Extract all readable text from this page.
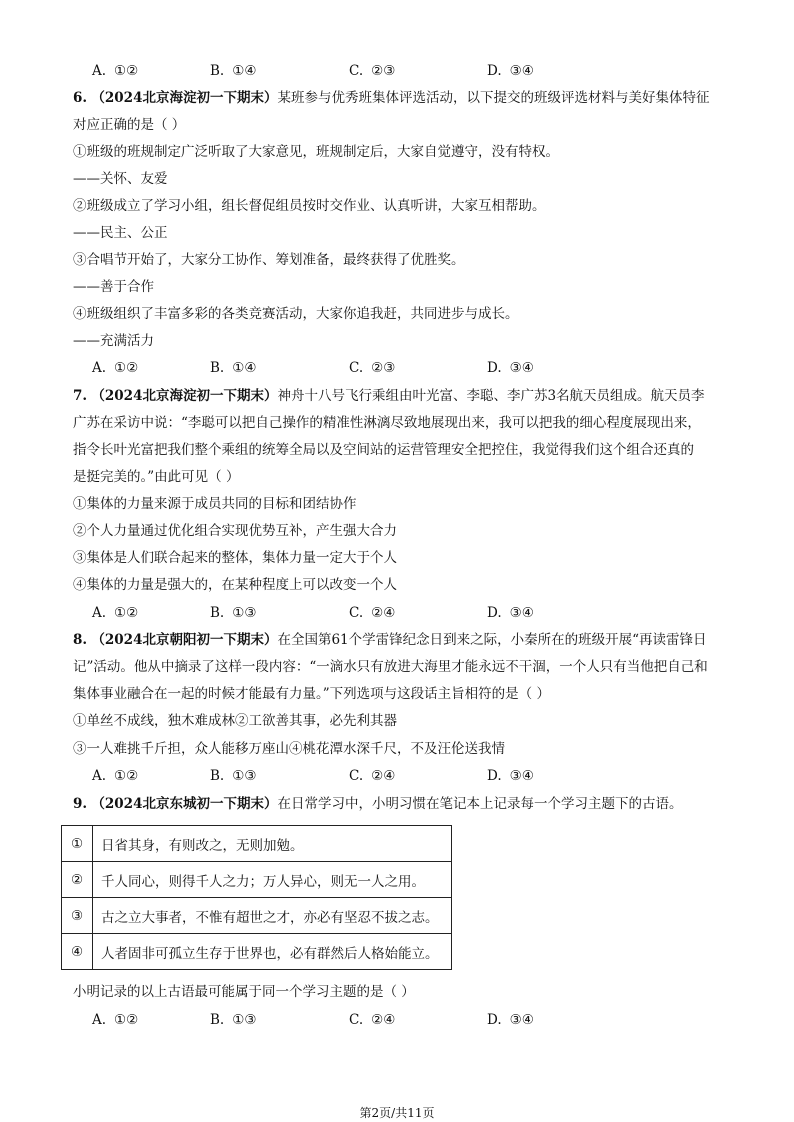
A. ①②	B. ①④	C. ②③	D. ③④
6. （2024北京海淀初一下期末）某班参与优秀班集体评选活动，以下提交的班级评选材料与美好集体特征
对应正确的是（ ）
①班级的班规制定广泛听取了大家意见，班规制定后，大家自觉遵守，没有特权。
——关怀、友爱
②班级成立了学习小组，组长督促组员按时交作业、认真听讲，大家互相帮助。
——民主、公正
③合唱节开始了，大家分工协作、筹划准备，最终获得了优胜奖。
——善于合作
④班级组织了丰富多彩的各类竞赛活动，大家你追我赶，共同进步与成长。
——充满活力
A. ①②	B. ①④	C. ②③	D. ③④
7. （2024北京海淀初一下期末）神舟十八号飞行乘组由叶光富、李聪、李广苏3名航天员组成。航天员李
广苏在采访中说：“李聪可以把自己操作的精准性淋漓尽致地展现出来，我可以把我的细心程度展现出来，
指令长叶光富把我们整个乘组的统筹全局以及空间站的运营管理安全把控住，我觉得我们这个组合还真的
是挺完美的。”由此可见（ ）
①集体的力量来源于成员共同的目标和团结协作
②个人力量通过优化组合实现优势互补，产生强大合力
③集体是人们联合起来的整体，集体力量一定大于个人
④集体的力量是强大的，在某种程度上可以改变一个人
A. ①②	B. ①③	C. ②④	D. ③④
8. （2024北京朝阳初一下期末）在全国第61个学雷锋纪念日到来之际，小秦所在的班级开展“再读雷锋日
记”活动。他从中摘录了这样一段内容：“一滴水只有放进大海里才能永远不干涸，一个人只有当他把自己和
集体事业融合在一起的时候才能最有力量。”下列选项与这段话主旨相符的是（ ）
①单丝不成线，独木难成林②工欲善其事，必先利其器
③一人难挑千斤担，众人能移万座山④桃花潭水深千尺，不及汪伦送我情
A. ①②	B. ①③	C. ②④	D. ③④
9. （2024北京东城初一下期末）在日常学习中，小明习惯在笔记本上记录每一个学习主题下的古语。
①	日省其身，有则改之，无则加勉。
②	千人同心，则得千人之力；万人异心，则无一人之用。
③	古之立大事者，不惟有超世之才，亦必有坚忍不拔之志。
④	人者固非可孤立生存于世界也，必有群然后人格始能立。
小明记录的以上古语最可能属于同一个学习主题的是（ ）
A. ①②	B. ①③	C. ②④	D. ③④
第2页/共11页
